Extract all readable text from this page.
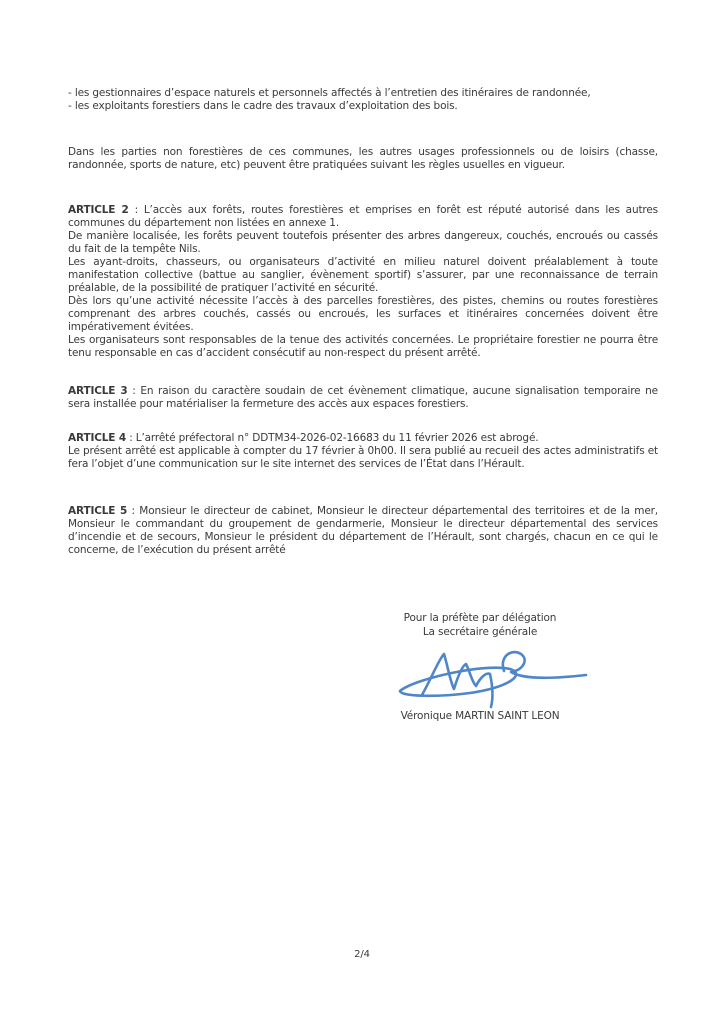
- les gestionnaires d’espace naturels et personnels affectés à l’entretien des itinéraires de randonnée,

- les exploitants forestiers dans le cadre des travaux d’exploitation des bois.

Dans les parties non forestières de ces communes, les autres usages professionnels ou de loisirs (chasse, randonnée, sports de nature, etc) peuvent être pratiquées suivant les règles usuelles en vigueur.

ARTICLE 2 : L’accès aux forêts, routes forestières et emprises en forêt est réputé autorisé dans les autres communes du département non listées en annexe 1.

De manière localisée, les forêts peuvent toutefois présenter des arbres dangereux, couchés, encroués ou cassés du fait de la tempête Nils.

Les ayant-droits, chasseurs, ou organisateurs d’activité en milieu naturel doivent préalablement à toute manifestation collective (battue au sanglier, évènement sportif) s’assurer, par une reconnaissance de terrain préalable, de la possibilité de pratiquer l’activité en sécurité.

Dès lors qu’une activité nécessite l’accès à des parcelles forestières, des pistes, chemins ou routes forestières comprenant des arbres couchés, cassés ou encroués, les surfaces et itinéraires concernées doivent être impérativement évitées.

Les organisateurs sont responsables de la tenue des activités concernées. Le propriétaire forestier ne pourra être tenu responsable en cas d’accident consécutif au non-respect du présent arrêté.

ARTICLE 3 : En raison du caractère soudain de cet évènement climatique, aucune signalisation temporaire ne sera installée pour matérialiser la fermeture des accès aux espaces forestiers.

ARTICLE 4 : L’arrêté préfectoral n° DDTM34-2026-02-16683 du 11 février 2026 est abrogé.

Le présent arrêté est applicable à compter du 17 février à 0h00. Il sera publié au recueil des actes administratifs et fera l’objet d’une communication sur le site internet des services de l’État dans l’Hérault.

ARTICLE 5 : Monsieur le directeur de cabinet, Monsieur le directeur départemental des territoires et de la mer, Monsieur le commandant du groupement de gendarmerie, Monsieur le directeur départemental des services d’incendie et de secours, Monsieur le président du département de l’Hérault, sont chargés, chacun en ce qui le concerne, de l’exécution du présent arrêté

Pour la préfète par délégation
La secrétaire générale
Véronique MARTIN SAINT LEON
2/4
